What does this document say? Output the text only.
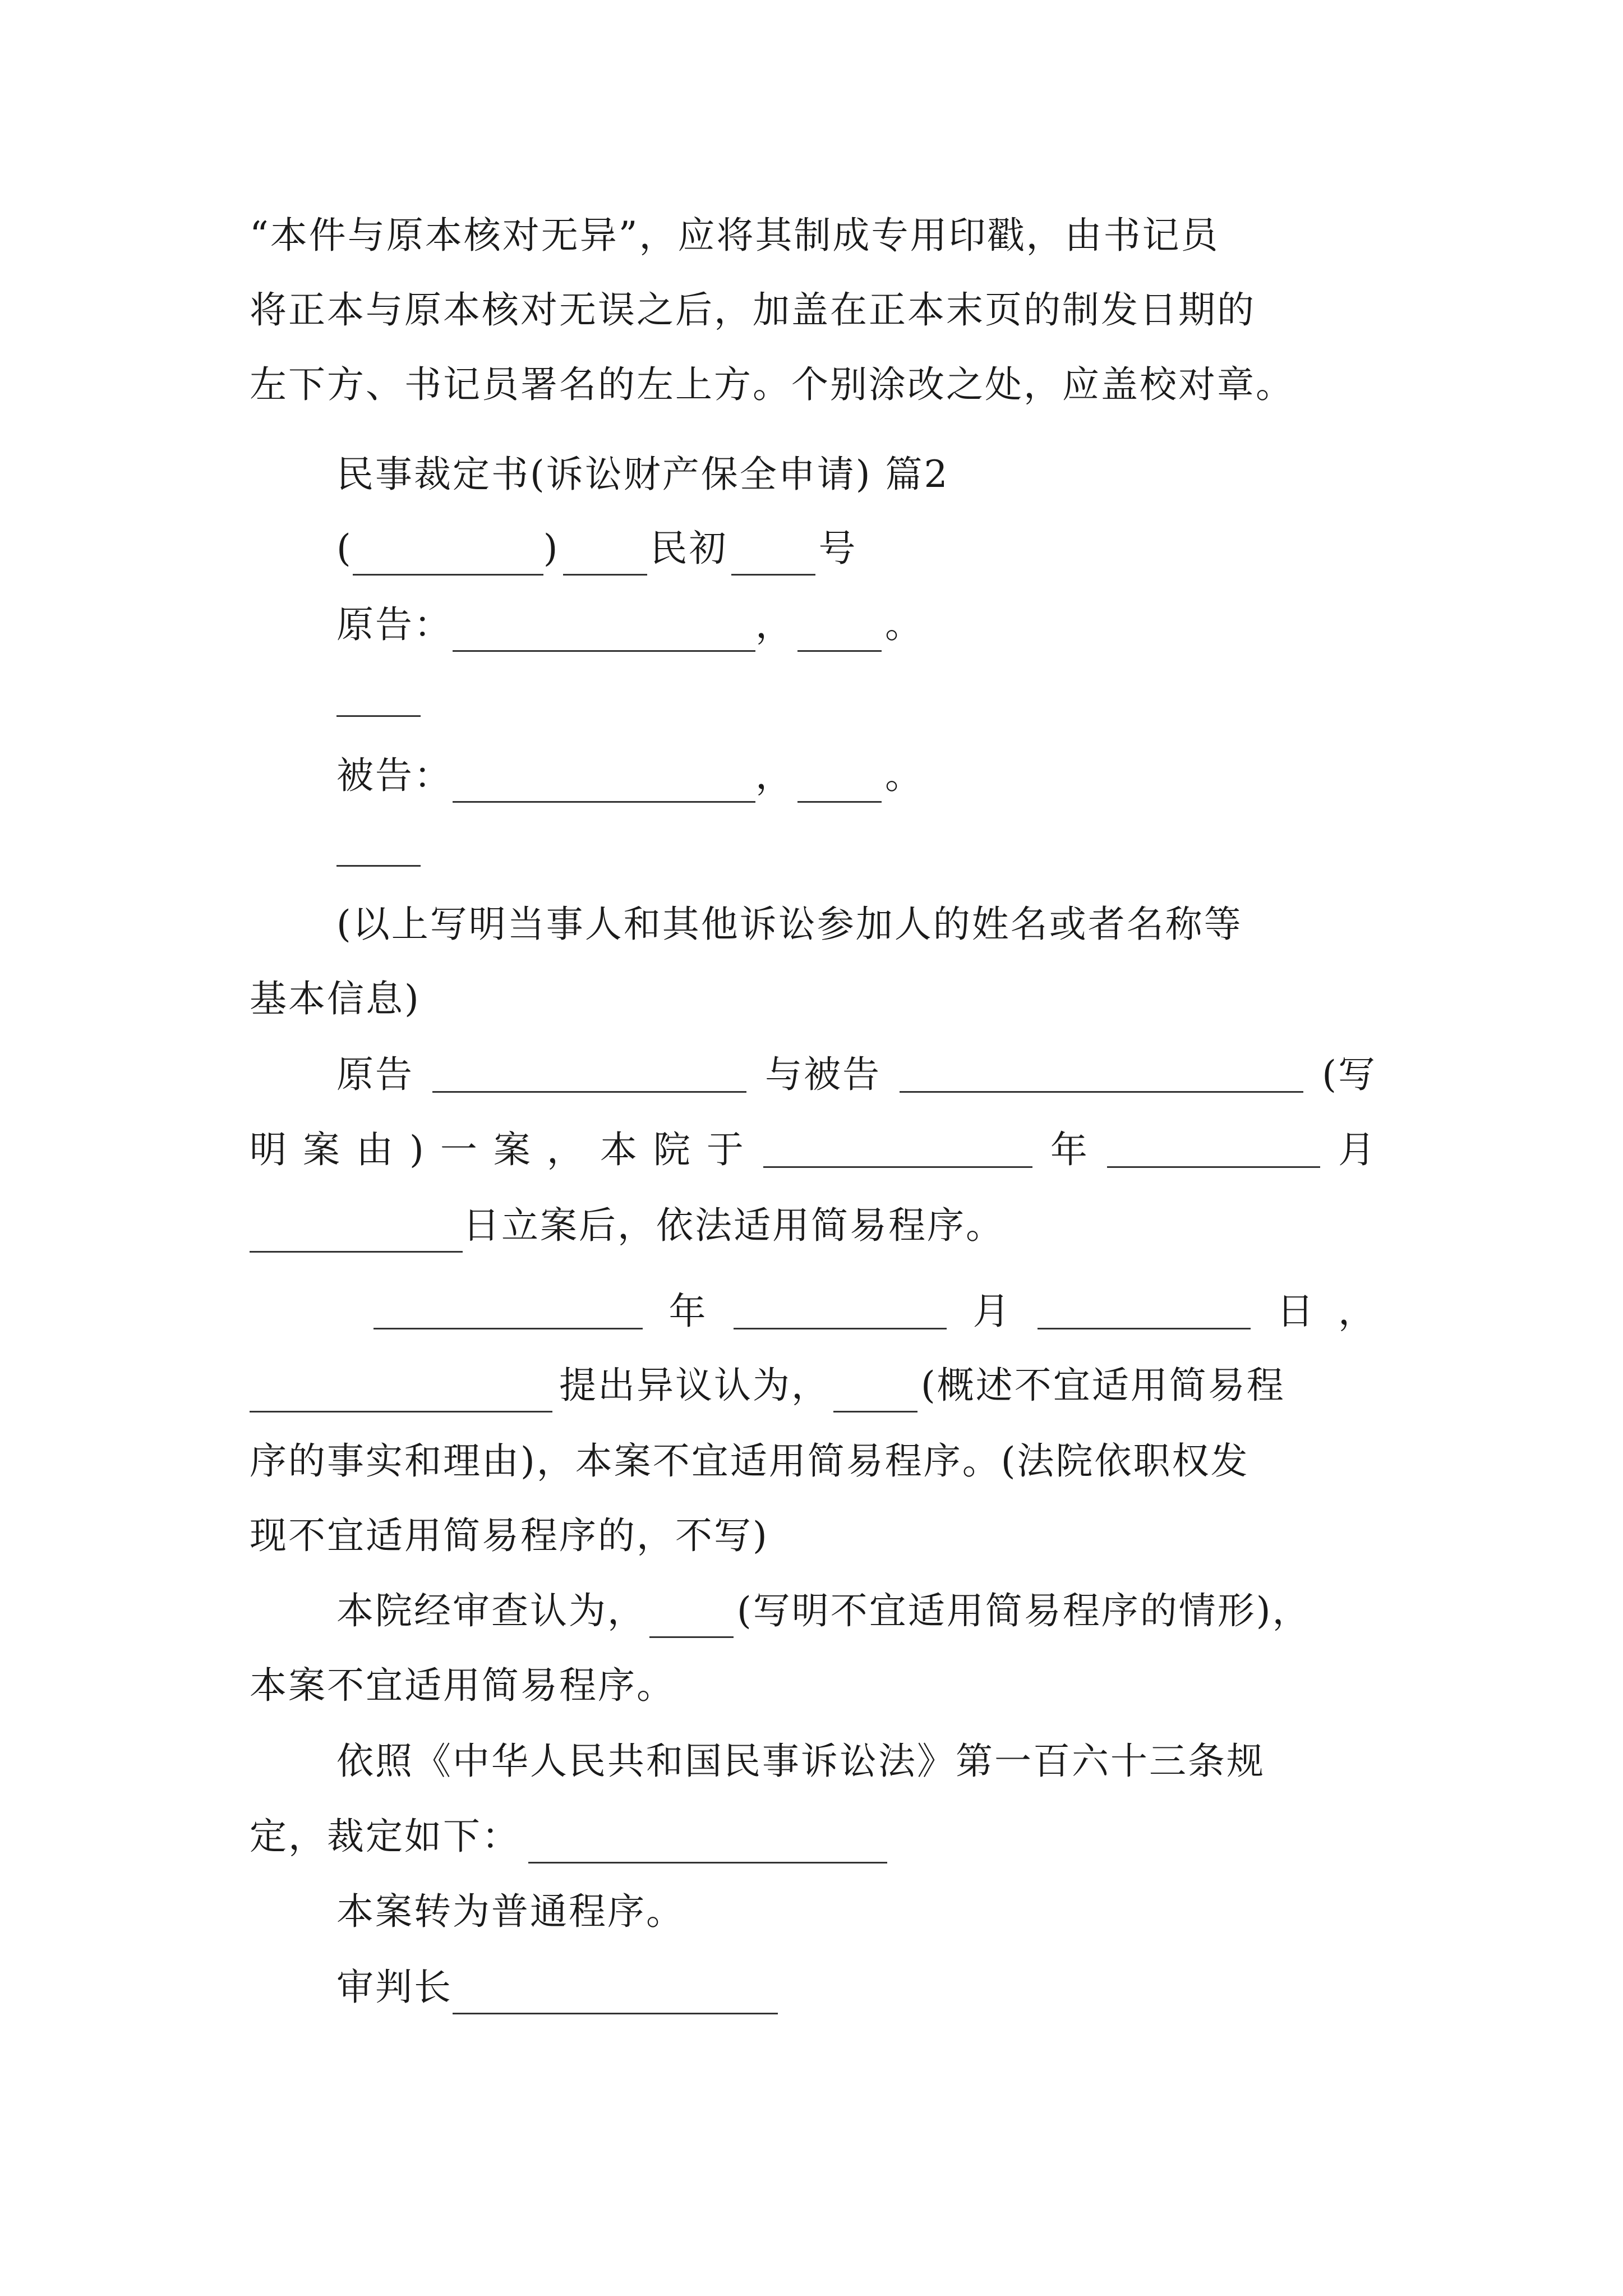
“本件与原本核对无异”，应将其制成专用印戳，由书记员
将正本与原本核对无误之后，加盖在正本末页的制发日期的
左下方、书记员署名的左上方。个别涂改之处，应盖校对章。
民事裁定书(诉讼财产保全申请) 篇2
(	) 民初 号
原告：	， 。
被告：	， 。
(以上写明当事人和其他诉讼参加人的姓名或者名称等
基本信息)
原告	与被告	(写
明 案 由 ) 一 案 ， 本 院 于	年	月
日立案后，依法适用简易程序。
年	月	日 ，
提出异议认为， (概述不宜适用简易程
序的事实和理由)，本案不宜适用简易程序。(法院依职权发
现不宜适用简易程序的，不写)
本院经审查认为， (写明不宜适用简易程序的情形)，
本案不宜适用简易程序。
依照《中华人民共和国民事诉讼法》第一百六十三条规
定，裁定如下：
本案转为普通程序。
审判长
